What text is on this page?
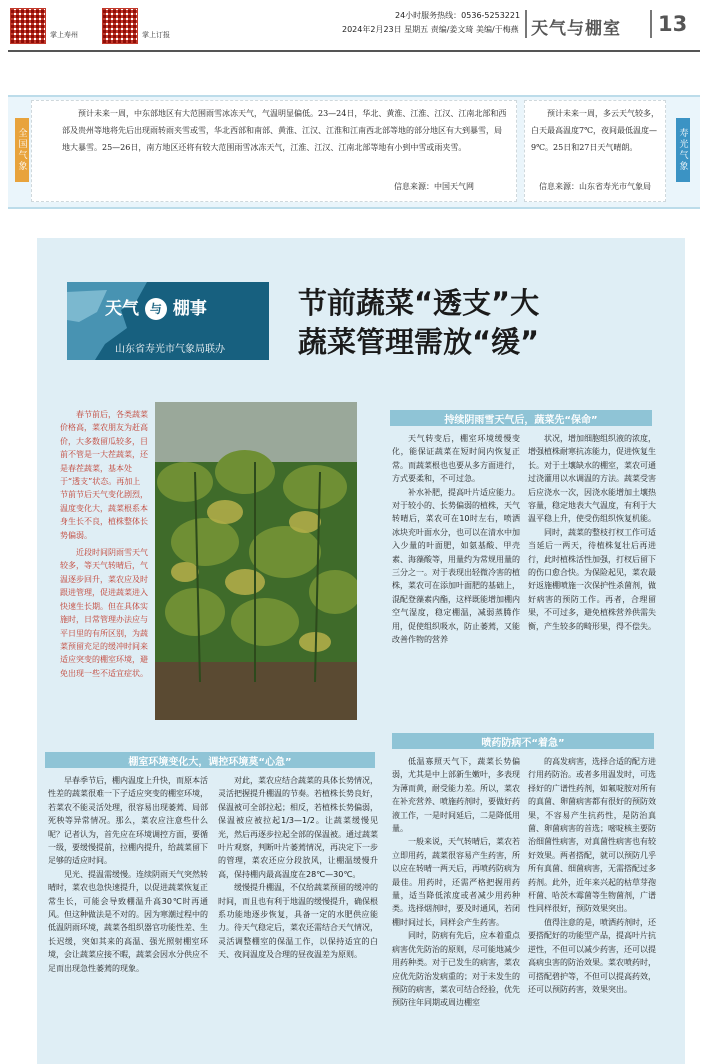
掌上寿州	掌上订报
24小时服务热线：0536-5253221
2024年2月23日 星期五 责编/姜文琦 美编/于梅燕 天气与棚室 13
全国气象

预计未来一周，中东部地区有大范围雨雪冰冻天气，气温明显偏低。23—24日，华北、黄淮、江淮、江汉、江南北部和西部及贵州等地将先后出现雨转雨夹雪或雪，华北西部和南部、黄淮、江汉、江淮和江南西北部等地的部分地区有大到暴雪，局地大暴雪。25—26日，南方地区还将有较大范围雨雪冰冻天气，江淮、江汉、江南北部等地有小到中雪或雨夹雪。

信息来源：中国天气网

预计未来一周，多云天气较多，白天最高温度7℃，夜间最低温度—9℃。25日和27日天气晴朗。

信息来源：山东省寿光市气象局
寿光气象
天气 与 棚事
山东省寿光市气象局联办
节前蔬菜“透支”大
蔬菜管理需放“缓”

春节前后，各类蔬菜价格高，菜农朋友为赶高价，大多数留瓜较多，目前不管是一大茬蔬菜，还是春茬蔬菜，基本处于“透支”状态。再加上节前节后天气变化剧烈，温度变化大，蔬菜根系本身生长不良，植株整体长势偏弱。

近段时间阴雨雪天气较多，等天气转晴后，气温逐步回升，菜农应及时跟进管理，促进蔬菜进入快速生长期。但在具体实施时，日常管理办法应与平日里的有所区别，为蔬菜预留充足的缓冲时间来适应突变的棚室环境，避免出现一些不适宜症状。

持续阴雨雪天气后，蔬菜先“保命”

天气转变后，棚室环境缓慢变化，能保证蔬菜在短时间内恢复正常。而蔬菜根也也要从多方面进行，方式要柔和，不可过急。

补水补肥，提高叶片适应能力。对于较小的、长势偏弱的植株，天气转晴后，菜农可在10时左右，喷洒冰块充叶面水分，也可以在清水中加入少量的叶面肥，如氨基酸、甲壳素、海藻酸等，用量约为常规用量的三分之一。对于表现出轻微冷害的植株，菜农可在添加叶面肥的基础上，混配登藻素内酯，这样既能增加棚内空气湿度，稳定棚温，减弱蒸腾作用，促使组织吸水，防止萎蔫，又能改善作物的营养

状况，增加细胞组织液的浓度，增强植株耐寒抗冻能力，促进恢复生长。对于土壤缺水的棚室，菜农可通过浇灌用以水调温的方法。蔬菜受害后应浇水一次，因浇水能增加土壤热容量，稳定地表大气温度，有利于大温平稳上升，使受伤组织恢复机能。

同时，蔬菜的整枝打杈工作可适当延后一两天，待植株复壮后再进行，此时植株活性加强，打杈后留下的伤口愈合快。为保险起见，菜农最好返施棚喷施一次保护性杀菌剂，做好病害的预防工作。再者，合理留果，不可过多，避免植株营养供需失衡，产生较多的畸形果，得不偿失。

棚室环境变化大，调控环境莫“心急”

早春季节后，棚内温度上升快，而原本活性差的蔬菜很难一下子适应突变的棚室环境，若菜农不能灵活处理，很容易出现萎蔫、局部死秧等异常情况。那么，菜农应注意些什么呢？记者认为，首先应在环境调控方面，要循一级，要缓慢提前，拉棚内提升，给蔬菜留下足够的适应时间。

见光、提温需缓慢。连续阴雨天气突然转晴时，菜农也急快速提升，以促进蔬菜恢复正常生长，可能会导致棚温升高30℃时再通风。但这种做法是不对的。因为寒潮过程中的低温阴雨环境，蔬菜各组织器官功能性差、生长迟缓，突如其来的高温、强光照射棚室环境，会让蔬菜应接不暇，蔬菜会因水分供应不足而出现急性萎蔫的现象。

对此，菜农应结合蔬菜的具体长势情况，灵活把握提升棚温的节奏。若植株长势良好，保温被可全部拉起；相反，若植株长势偏弱，保温被应被拉起1/3—1/2。让蔬菜缓慢见光，然后再逐步拉起全部的保温被。通过蔬菜叶片观察，判断叶片萎蔫情况，再决定下一步的管理，菜农还应分段放风，让棚温缓慢升高，保持棚内最高温度在28℃—30℃。

缓慢提升棚温，不仅给蔬菜预留的缓冲的时间，而且也有利于地温的缓慢提升，确保根系功能地逐步恢复，具备一定的水肥供应能力。待天气稳定后，菜农还需结合天气情况，灵活调整棚室的保温工作，以保持适宜的白天、夜间温度及合理的昼夜温差为原则。

喷药防病不“着急”

低温寡照天气下，蔬菜长势偏弱，尤其是中上部新生嫩叶，多表现为薄而黄，耐受能力差。所以，菜农在补充营养、喷施药剂时，要做好药液工作，一是时间延后，二是降低用量。

一般来说，天气转晴后，菜农若立即用药，蔬菜很容易产生药害，所以应在转晴一两天后，再喷药防病为最佳。用药时，还需严格把握用药量，适当降低浓度或者减少用药种类。选择烟剂时，要及时通风，若闭棚时间过长，同样会产生药害。

同时，防病有先后，应本着重点病害优先防治的原则，尽可能地减少用药种类。对于已发生的病害，菜农应优先防治发病重的；对于未发生的预防的病害，菜农可结合经验，优先预防往年同期或周边棚室

的高发病害，选择合适的配方进行用药防治。或者多用温发时，可选择好的广谱性药剂，如氟啶胺对所有的真菌、卵菌病害都有很好的预防效果，不容易产生抗药性，是防治真菌、卵菌病害的首选；嘧啶核主要防治细菌性病害，对真菌性病害也有较好效果。两者搭配，就可以预防几乎所有真菌、细菌病害，无需搭配过多药剂。此外，近年来兴起的枯草芽孢杆菌、哈茨木霉菌等生物菌剂，广谱性同样很好，预防效果突出。

值得注意的是，喷洒药剂时，还要搭配好的功能型产品，提高叶片抗逆性，不但可以减少药害，还可以提高病虫害的防治效果。菜农喷药时，可搭配碧护等，不但可以提高药效，还可以预防药害，效果突出。
